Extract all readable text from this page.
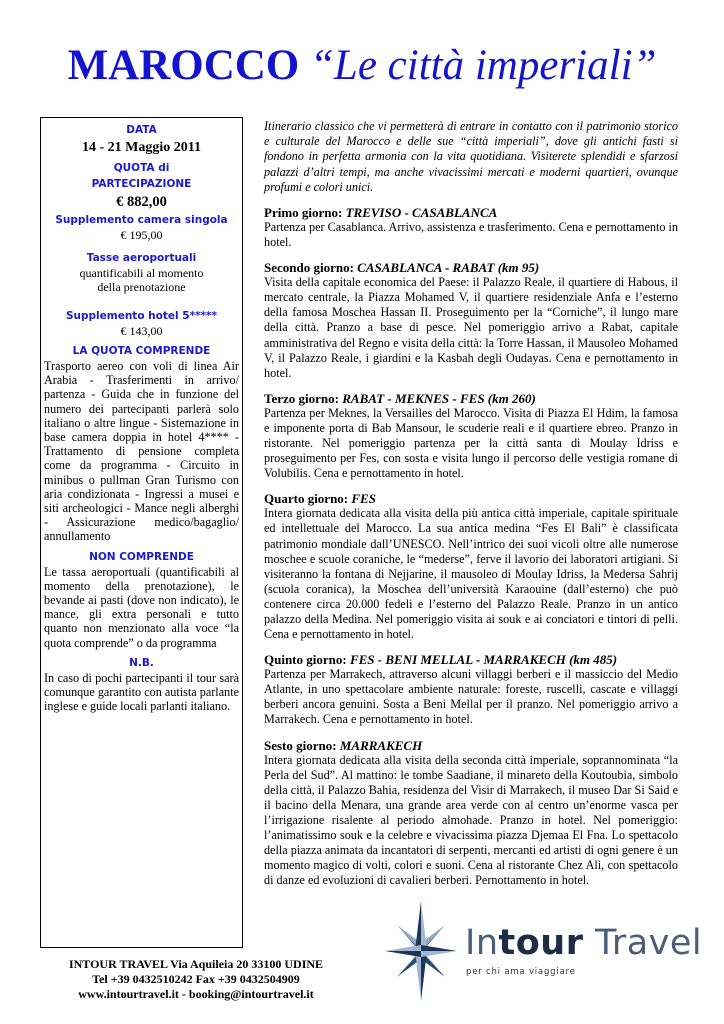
MAROCCO “Le città imperiali”
DATA
14 - 21 Maggio 2011
QUOTA di
PARTECIPAZIONE
€ 882,00
Supplemento camera singola
€ 195,00
Tasse aeroportuali
quantificabili al momento
della prenotazione
Supplemento hotel 5*****
€ 143,00
LA QUOTA COMPRENDE
Trasporto aereo con voli di linea Air Arabia - Trasferimenti in arrivo/ partenza - Guida che in funzione del numero dei partecipanti parlerà solo italiano o altre lingue - Sistemazione in base camera doppia in hotel 4**** - Trattamento di pensione completa come da programma - Circuito in minibus o pullman Gran Turismo con aria condizionata - Ingressi a musei e siti archeologici - Mance negli alberghi - Assicurazione medico/bagaglio/ annullamento
NON COMPRENDE
Le tassa aeroportuali (quantificabili al momento della prenotazione), le bevande ai pasti (dove non indicato), le mance, gli extra personali e tutto quanto non menzionato alla voce “la quota comprende” o da programma
N.B.
In caso di pochi partecipanti il tour sarà comunque garantito con autista parlante inglese e guide locali parlanti italiano.
Itinerario classico che vi permetterà di entrare in contatto con il patrimonio storico e culturale del Marocco e delle sue “città imperiali”, dove gli antichi fasti si fondono in perfetta armonia con la vita quotidiana. Visiterete splendidi e sfarzosi palazzi d’altri tempi, ma anche vivacissimi mercati e moderni quartieri, ovunque profumi e colori unici.
Primo giorno: TREVISO - CASABLANCA
Partenza per Casablanca. Arrivo, assistenza e trasferimento. Cena e pernottamento in hotel.
Secondo giorno: CASABLANCA - RABAT (km 95)
Visita della capitale economica del Paese: il Palazzo Reale, il quartiere di Habous, il mercato centrale, la Piazza Mohamed V, il quartiere residenziale Anfa e l’esterno della famosa Moschea Hassan II. Proseguimento per la “Corniche”, il lungo mare della città. Pranzo a base di pesce. Nel pomeriggio arrivo a Rabat, capitale amministrativa del Regno e visita della città: la Torre Hassan, il Mausoleo Mohamed V, il Palazzo Reale, i giardini e la Kasbah degli Oudayas. Cena e pernottamento in hotel.
Terzo giorno: RABAT - MEKNES - FES (km 260)
Partenza per Meknes, la Versailles del Marocco. Visita di Piazza El Hdim, la famosa e imponente porta di Bab Mansour, le scuderie reali e il quartiere ebreo. Pranzo in ristorante. Nel pomeriggio partenza per la città santa di Moulay Idriss e proseguimento per Fes, con sosta e visita lungo il percorso delle vestigia romane di Volubilis. Cena e pernottamento in hotel.
Quarto giorno: FES
Intera giornata dedicata alla visita della più antica città imperiale, capitale spirituale ed intellettuale del Marocco. La sua antica medina “Fes El Bali” è classificata patrimonio mondiale dall’UNESCO. Nell’intrico dei suoi vicoli oltre alle numerose moschee e scuole coraniche, le “mederse”, ferve il lavorio dei laboratori artigiani. Si visiteranno la fontana di Nejjarine, il mausoleo di Moulay Idriss, la Medersa Sahrij (scuola coranica), la Moschea dell’università Karaouine (dall’esterno) che può contenere circa 20.000 fedeli e l’esterno del Palazzo Reale. Pranzo in un antico palazzo della Medina. Nel pomeriggio visita ai souk e ai conciatori e tintori di pelli. Cena e pernottamento in hotel.
Quinto giorno: FES - BENI MELLAL - MARRAKECH (km 485)
Partenza per Marrakech, attraverso alcuni villaggi berberi e il massiccio del Medio Atlante, in uno spettacolare ambiente naturale: foreste, ruscelli, cascate e villaggi berberi ancora genuini. Sosta a Beni Mellal per il pranzo. Nel pomeriggio arrivo a Marrakech. Cena e pernottamento in hotel.
Sesto giorno: MARRAKECH
Intera giornata dedicata alla visita della seconda città imperiale, soprannominata “la Perla del Sud”. Al mattino: le tombe Saadiane, il minareto della Koutoubia, simbolo della città, il Palazzo Bahia, residenza del Visir di Marrakech, il museo Dar Si Said e il bacino della Menara, una grande area verde con al centro un’enorme vasca per l’irrigazione risalente al periodo almohade. Pranzo in hotel. Nel pomeriggio: l’animatissimo souk e la celebre e vivacissima piazza Djemaa El Fna. Lo spettacolo della piazza animata da incantatori di serpenti, mercanti ed artisti di ogni genere è un momento magico di volti, colori e suoni. Cena al ristorante Chez Alì, con spettacolo di danze ed evoluzioni di cavalieri berberi. Pernottamento in hotel.
INTOUR TRAVEL Via Aquileia 20 33100 UDINE
Tel +39 0432510242 Fax +39 0432504909
www.intourtravel.it - booking@intourtravel.it
Intour Travel
per chi ama viaggiare
